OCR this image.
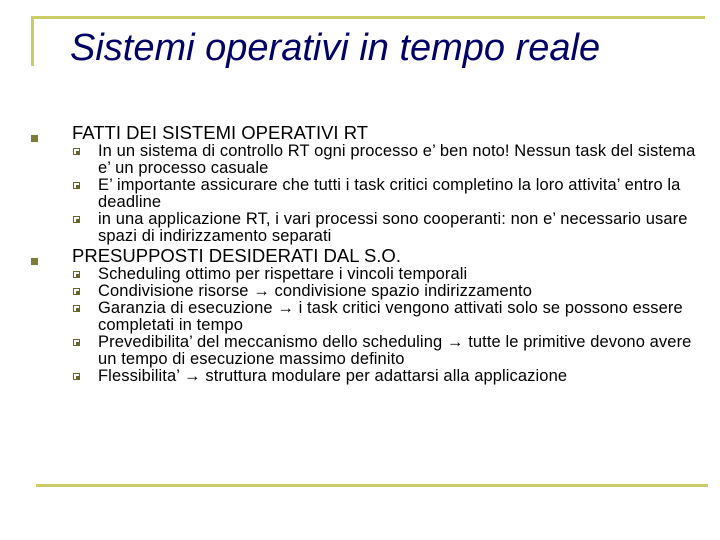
Sistemi operativi in tempo reale
FATTI DEI SISTEMI OPERATIVI RT
In un sistema di controllo RT ogni processo e’ ben noto! Nessun task del sistema e’ un processo casuale
E’ importante assicurare che tutti i task critici completino la loro attivita’ entro la deadline
in una applicazione RT, i vari processi sono cooperanti: non e’ necessario usare spazi di indirizzamento separati
PRESUPPOSTI DESIDERATI DAL S.O.
Scheduling ottimo per rispettare i vincoli temporali
Condivisione risorse → condivisione spazio indirizzamento
Garanzia di esecuzione → i task critici vengono attivati solo se possono essere completati in tempo
Prevedibilita’ del meccanismo dello scheduling → tutte le primitive devono avere un tempo di esecuzione massimo definito
Flessibilita’ → struttura modulare per adattarsi alla applicazione
